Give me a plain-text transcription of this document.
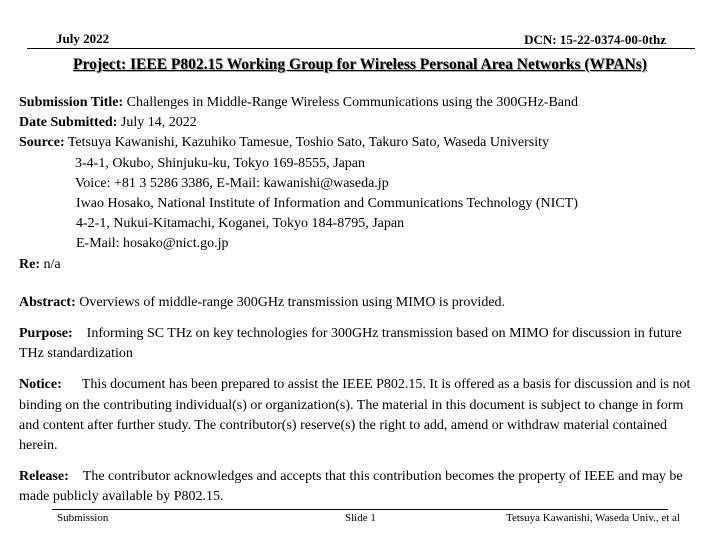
July 2022	DCN: 15-22-0374-00-0thz
Project: IEEE P802.15 Working Group for Wireless Personal Area Networks (WPANs)

Submission Title: Challenges in Middle-Range Wireless Communications using the 300GHz-Band

Date Submitted: July 14, 2022

Source: Tetsuya Kawanishi, Kazuhiko Tamesue, Toshio Sato, Takuro Sato, Waseda University

3-4-1, Okubo, Shinjuku-ku, Tokyo 169-8555, Japan

Voice: +81 3 5286 3386, E-Mail: kawanishi@waseda.jp

Iwao Hosako, National Institute of Information and Communications Technology (NICT)

4-2-1, Nukui-Kitamachi, Koganei, Tokyo 184-8795, Japan

E-Mail: hosako@nict.go.jp

Re: n/a

Abstract: Overviews of middle-range 300GHz transmission using MIMO is provided.

Purpose: Informing SC THz on key technologies for 300GHz transmission based on MIMO for discussion in future THz standardization

Notice: This document has been prepared to assist the IEEE P802.15. It is offered as a basis for discussion and is not binding on the contributing individual(s) or organization(s). The material in this document is subject to change in form and content after further study. The contributor(s) reserve(s) the right to add, amend or withdraw material contained herein.

Release: The contributor acknowledges and accepts that this contribution becomes the property of IEEE and may be made publicly available by P802.15.

Submission	Slide 1	Tetsuya Kawanishi, Waseda Univ., et al
